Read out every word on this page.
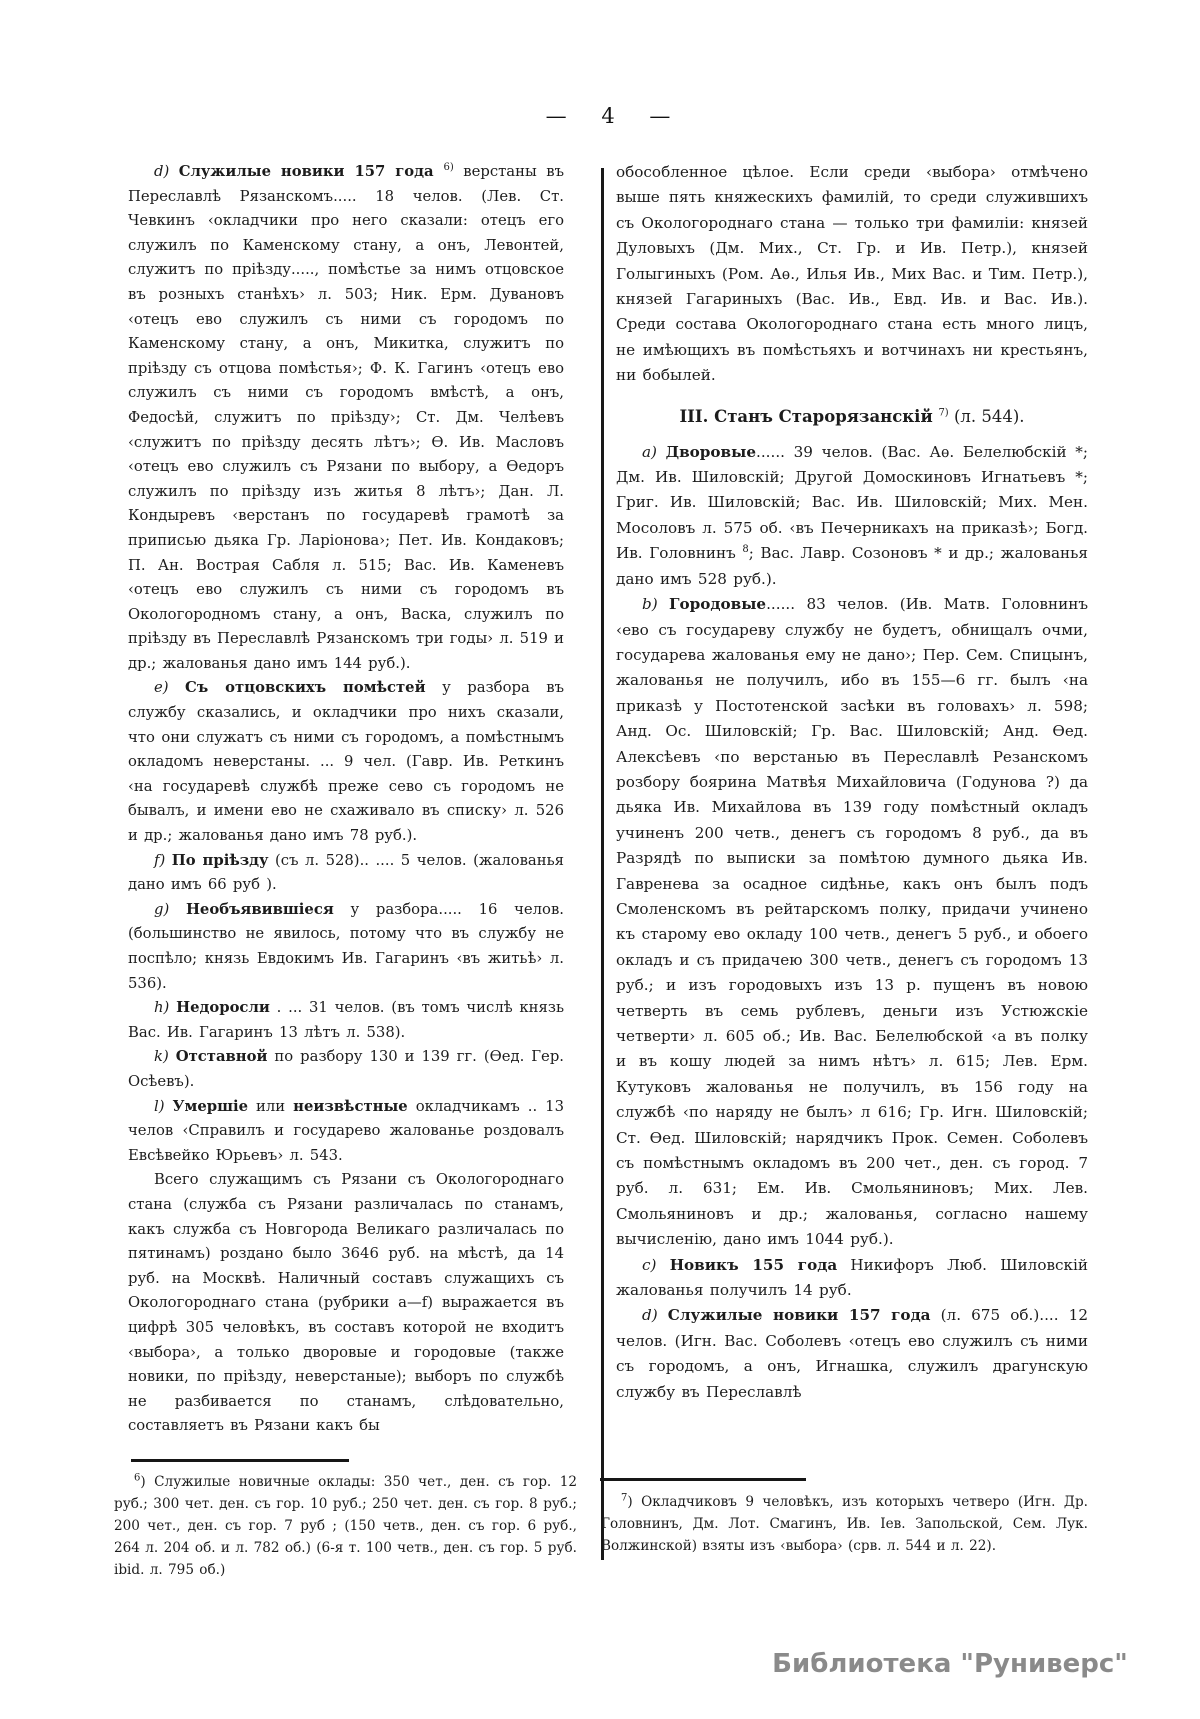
— 4 —

d) Служилые новики 157 года $^{6)}$ верстаны въ Переславлѣ Рязанскомъ..... 18 челов. (Лев. Ст. Чевкинъ ‹окладчики про него сказали: отецъ его служилъ по Каменскому стану, а онъ, Левонтей, служитъ по пріѣзду....., помѣстье за нимъ отцовское въ розныхъ станѣхъ› л. 503; Ник. Ерм. Дувановъ ‹отецъ ево служилъ съ ними съ городомъ по Каменскому стану, а онъ, Микитка, служитъ по пріѣзду съ отцова помѣстья›; Ф. К. Гагинъ ‹отецъ ево служилъ съ ними съ городомъ вмѣстѣ, а онъ, Федосѣй, служитъ по пріѣзду›; Ст. Дм. Челѣевъ ‹служитъ по пріѣзду десять лѣтъ›; Ѳ. Ив. Масловъ ‹отецъ ево служилъ съ Рязани по выбору, а Ѳедоръ служилъ по пріѣзду изъ житья 8 лѣтъ›; Дан. Л. Кондыревъ ‹верстанъ по государевѣ грамотѣ за приписью дьяка Гр. Ларіонова›; Пет. Ив. Кондаковъ; П. Ан. Вострая Сабля л. 515; Вас. Ив. Каменевъ ‹отецъ ево служилъ съ ними съ городомъ въ Окологородномъ стану, а онъ, Васка, служилъ по пріѣзду въ Переславлѣ Рязанскомъ три годы› л. 519 и др.; жалованья дано имъ 144 руб.).

е) Съ отцовскихъ помѣстей у разбора въ службу сказались, и окладчики про нихъ сказали, что они служатъ съ ними съ городомъ, а помѣстнымъ окладомъ неверстаны. ... 9 чел. (Гавр. Ив. Реткинъ ‹на государевѣ службѣ преже сево съ городомъ не бывалъ, и имени ево не схаживало въ списку› л. 526 и др.; жалованья дано имъ 78 руб.).

f) По пріѣзду (съ л. 528).. .... 5 челов. (жалованья дано имъ 66 руб ).

g) Необъявившіеся у разбора..... 16 челов. (большинство не явилось, потому что въ службу не поспѣло; князь Евдокимъ Ив. Гагаринъ ‹въ житьѣ› л. 536).

h) Недоросли . ... 31 челов. (въ томъ числѣ князь Вас. Ив. Гагаринъ 13 лѣтъ л. 538).

k) Отставной по разбору 130 и 139 гг. (Ѳед. Гер. Осѣевъ).

l) Умершіе или неизвѣстные окладчикамъ .. 13 челов ‹Справилъ и государево жалованье роздовалъ Евсѣвейко Юрьевъ› л. 543.

Всего служащимъ съ Рязани съ Окологороднаго стана (служба съ Рязани различалась по станамъ, какъ служба съ Новгорода Великаго различалась по пятинамъ) роздано было 3646 руб. на мѣстѣ, да 14 руб. на Москвѣ. Наличный составъ служащихъ съ Окологороднаго стана (рубрики а—f) выражается въ цифрѣ 305 человѣкъ, въ составъ которой не входитъ ‹выбора›, а только дворовые и городовые (также новики, по пріѣзду, неверстаные); выборъ по службѣ не разбивается по станамъ, слѣдовательно, составляетъ въ Рязани какъ бы

обособленное цѣлое. Если среди ‹выбора› отмѣчено выше пять княжескихъ фамилій, то среди служившихъ съ Окологороднаго стана — только три фамиліи: князей Дуловыхъ (Дм. Мих., Ст. Гр. и Ив. Петр.), князей Голыгиныхъ (Ром. Аѳ., Илья Ив., Мих Вас. и Тим. Петр.), князей Гагариныхъ (Вас. Ив., Евд. Ив. и Вас. Ив.). Среди состава Окологороднаго стана есть много лицъ, не имѣющихъ въ помѣстьяхъ и вотчинахъ ни крестьянъ, ни бобылей.

III. Станъ Старорязанскій $^{7)}$ (л. 544).

а) Дворовые...... 39 челов. (Вас. Аѳ. Белелюбскій *; Дм. Ив. Шиловскій; Другой Домоскиновъ Игнатьевъ *; Григ. Ив. Шиловскій; Вас. Ив. Шиловскій; Мих. Мен. Мосоловъ л. 575 об. ‹въ Печерникахъ на приказѣ›; Богд. Ив. Головнинъ $^8$; Вас. Лавр. Созоновъ * и др.; жалованья дано имъ 528 руб.).

b) Городовые...... 83 челов. (Ив. Матв. Головнинъ ‹ево съ государеву службу не будетъ, обнищалъ очми, государева жалованья ему не дано›; Пер. Сем. Спицынъ, жалованья не получилъ, ибо въ 155—6 гг. былъ ‹на приказѣ у Постотенской засѣки въ головахъ› л. 598; Анд. Ос. Шиловскій; Гр. Вас. Шиловскій; Анд. Ѳед. Алексѣевъ ‹по верстанью въ Переславлѣ Резанскомъ розбору боярина Матвѣя Михайловича (Годунова ?) да дьяка Ив. Михайлова въ 139 году помѣстный окладъ учиненъ 200 четв., денегъ съ городомъ 8 руб., да въ Разрядѣ по выписки за помѣтою думного дьяка Ив. Гавренева за осадное сидѣнье, какъ онъ былъ подъ Смоленскомъ въ рейтарскомъ полку, придачи учинено къ старому ево окладу 100 четв., денегъ 5 руб., и обоего окладъ и съ придачею 300 четв., денегъ съ городомъ 13 руб.; и изъ городовыхъ изъ 13 р. пущенъ въ новою четверть въ семь рублевъ, деньги изъ Устюжскіе четверти› л. 605 об.; Ив. Вас. Белелюбской ‹а въ полку и въ кошу людей за нимъ нѣтъ› л. 615; Лев. Ерм. Кутуковъ жалованья не получилъ, въ 156 году на службѣ ‹по наряду не былъ› л 616; Гр. Игн. Шиловскій; Ст. Ѳед. Шиловскій; нарядчикъ Прок. Семен. Соболевъ съ помѣстнымъ окладомъ въ 200 чет., ден. съ город. 7 руб. л. 631; Ем. Ив. Смольяниновъ; Мих. Лев. Смольяниновъ и др.; жалованья, согласно нашему вычисленію, дано имъ 1044 руб.).

с) Новикъ 155 года Никифоръ Люб. Шиловскій жалованья получилъ 14 руб.

d) Служилые новики 157 года (л. 675 об.).... 12 челов. (Игн. Вас. Соболевъ ‹отецъ ево служилъ съ ними съ городомъ, а онъ, Игнашка, служилъ драгунскую службу въ Переславлѣ

$^6$) Служилые новичные оклады: 350 чет., ден. съ гор. 12 руб.; 300 чет. ден. съ гор. 10 руб.; 250 чет. ден. съ гор. 8 руб.; 200 чет., ден. съ гор. 7 руб ; (150 четв., ден. съ гор. 6 руб., 264 л. 204 об. и л. 782 об.) (6-я т. 100 четв., ден. съ гор. 5 руб. ibid. л. 795 об.)

$^7$) Окладчиковъ 9 человѣкъ, изъ которыхъ четверо (Игн. Др. Головнинъ, Дм. Лот. Смагинъ, Ив. Іев. Запольской, Сем. Лук. Волжинской) взяты изъ ‹выбора› (срв. л. 544 и л. 22).

Библиотека "Руниверс"
